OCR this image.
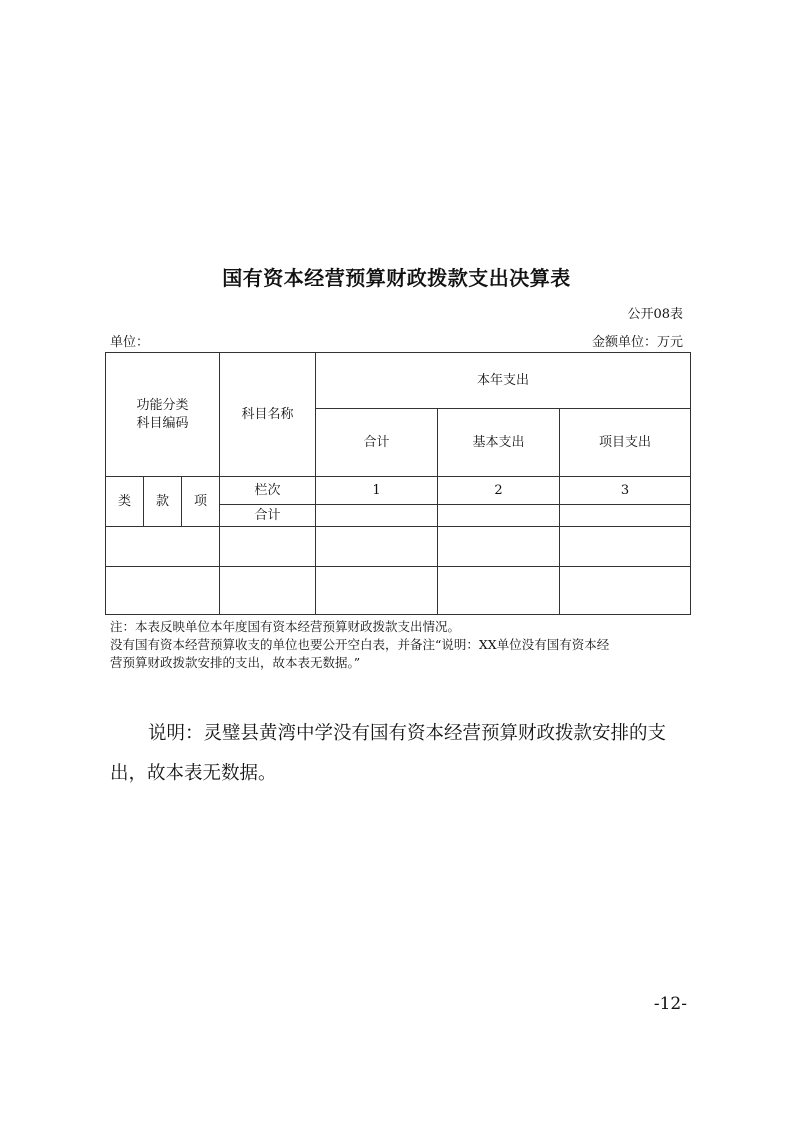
国有资本经营预算财政拨款支出决算表
公开08表
单位：	金额单位：万元
功能分类
科目编码			科目名称	本年支出		
				合计	基本支出	项目支出
类	款	项	栏次	1	2	3
			合计			

注：本表反映单位本年度国有资本经营预算财政拨款支出情况。
没有国有资本经营预算收支的单位也要公开空白表，并备注“说明：XX单位没有国有资本经
营预算财政拨款安排的支出，故本表无数据。”
说明：灵璧县黄湾中学没有国有资本经营预算财政拨款安排的支出，故本表无数据。
-12-
